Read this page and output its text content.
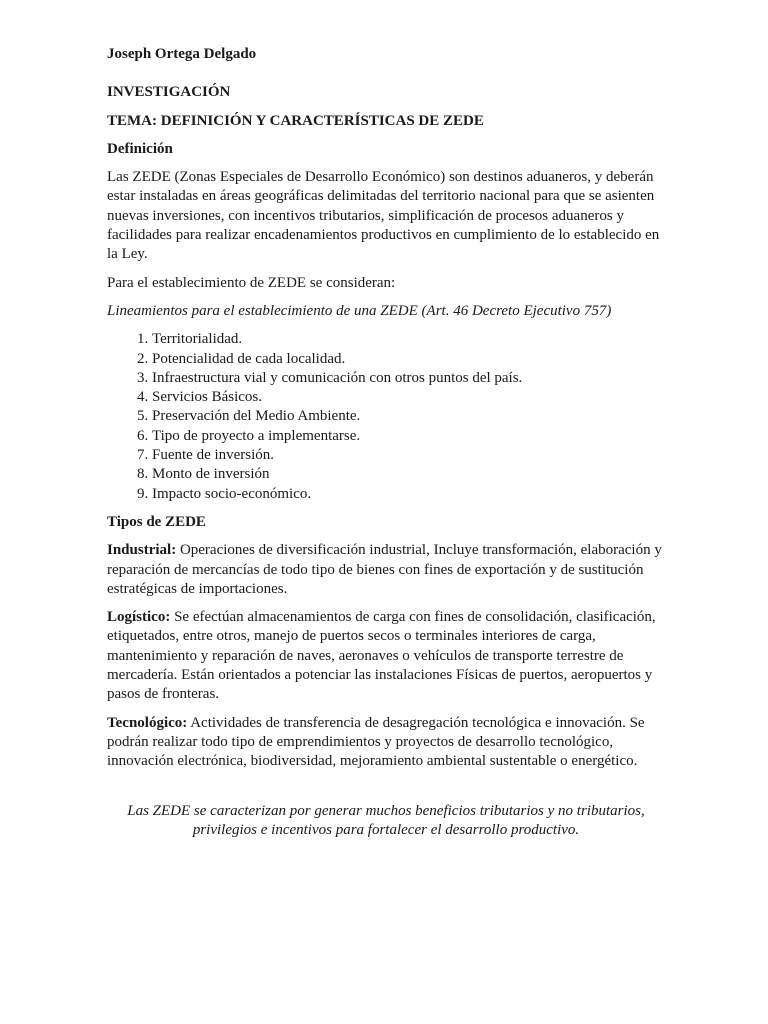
Joseph Ortega Delgado

INVESTIGACIÓN

TEMA: DEFINICIÓN Y CARACTERÍSTICAS DE ZEDE

Definición

Las ZEDE (Zonas Especiales de Desarrollo Económico) son destinos aduaneros, y deberán estar instaladas en áreas geográficas delimitadas del territorio nacional para que se asienten nuevas inversiones, con incentivos tributarios, simplificación de procesos aduaneros y facilidades para realizar encadenamientos productivos en cumplimiento de lo establecido en la Ley.

Para el establecimiento de ZEDE se consideran:

Lineamientos para el establecimiento de una ZEDE (Art. 46 Decreto Ejecutivo 757)

1. Territorialidad.
2. Potencialidad de cada localidad.
3. Infraestructura vial y comunicación con otros puntos del país.
4. Servicios Básicos.
5. Preservación del Medio Ambiente.
6. Tipo de proyecto a implementarse.
7. Fuente de inversión.
8. Monto de inversión
9. Impacto socio-económico.

Tipos de ZEDE

Industrial: Operaciones de diversificación industrial, Incluye transformación, elaboración y reparación de mercancías de todo tipo de bienes con fines de exportación y de sustitución estratégicas de importaciones.

Logístico: Se efectúan almacenamientos de carga con fines de consolidación, clasificación, etiquetados, entre otros, manejo de puertos secos o terminales interiores de carga, mantenimiento y reparación de naves, aeronaves o vehículos de transporte terrestre de mercadería. Están orientados a potenciar las instalaciones Físicas de puertos, aeropuertos y pasos de fronteras.

Tecnológico: Actividades de transferencia de desagregación tecnológica e innovación. Se podrán realizar todo tipo de emprendimientos y proyectos de desarrollo tecnológico, innovación electrónica, biodiversidad, mejoramiento ambiental sustentable o energético.

Las ZEDE se caracterizan por generar muchos beneficios tributarios y no tributarios, privilegios e incentivos para fortalecer el desarrollo productivo.
